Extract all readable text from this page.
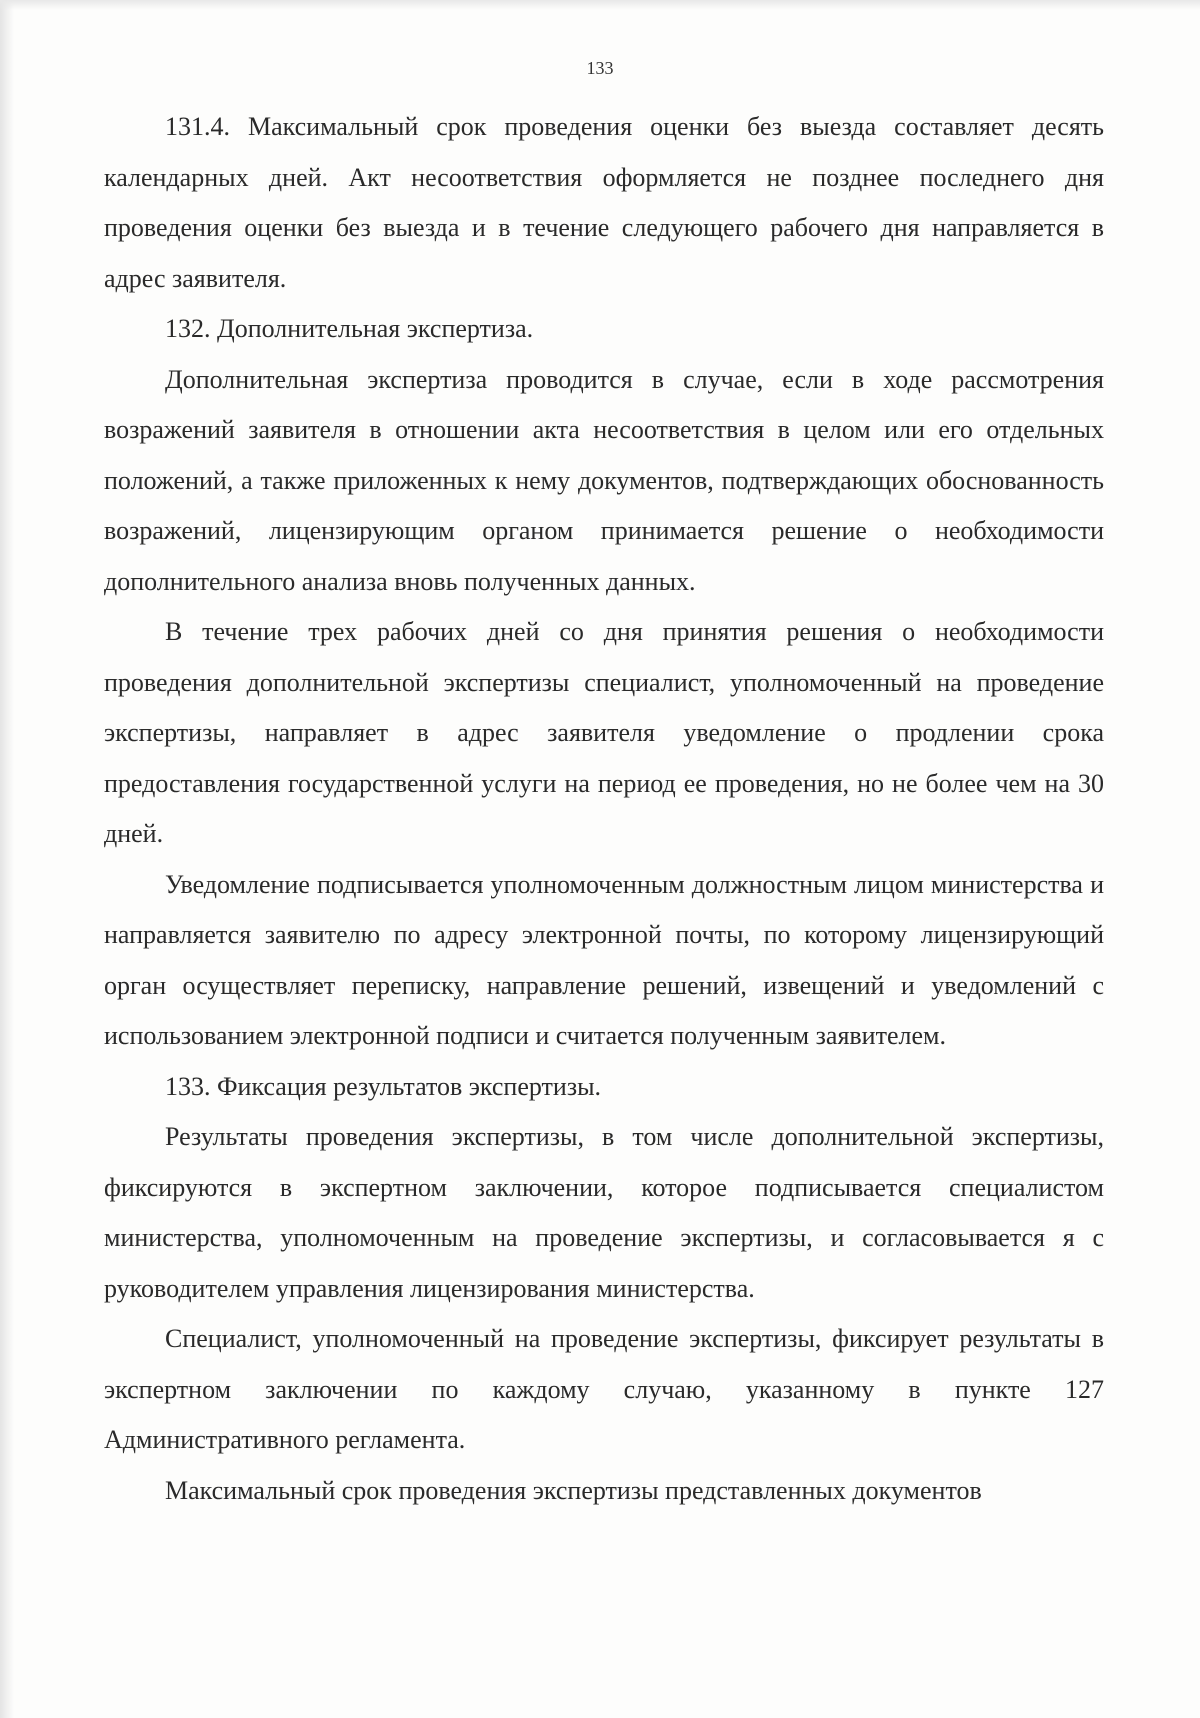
133

131.4. Максимальный срок проведения оценки без выезда составляет десять календарных дней. Акт несоответствия оформляется не позднее последнего дня проведения оценки без выезда и в течение следующего рабочего дня направляется в адрес заявителя.

132. Дополнительная экспертиза.

Дополнительная экспертиза проводится в случае, если в ходе рассмотрения возражений заявителя в отношении акта несоответствия в целом или его отдельных положений, а также приложенных к нему документов, подтверждающих обоснованность возражений, лицензирующим органом принимается решение о необходимости дополнительного анализа вновь полученных данных.

В течение трех рабочих дней со дня принятия решения о необходимости проведения дополнительной экспертизы специалист, уполномоченный на проведение экспертизы, направляет в адрес заявителя уведомление о продлении срока предоставления государственной услуги на период ее проведения, но не более чем на 30 дней.

Уведомление подписывается уполномоченным должностным лицом министерства и направляется заявителю по адресу электронной почты, по которому лицензирующий орган осуществляет переписку, направление решений, извещений и уведомлений с использованием электронной подписи и считается полученным заявителем.

133. Фиксация результатов экспертизы.

Результаты проведения экспертизы, в том числе дополнительной экспертизы, фиксируются в экспертном заключении, которое подписывается специалистом министерства, уполномоченным на проведение экспертизы, и согласовывается я с руководителем управления лицензирования министерства.

Специалист, уполномоченный на проведение экспертизы, фиксирует результаты в экспертном заключении по каждому случаю, указанному в пункте 127 Административного регламента.

Максимальный срок проведения экспертизы представленных документов
